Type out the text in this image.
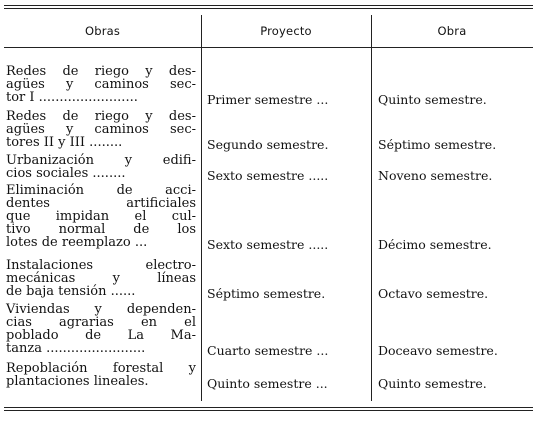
Obras	Proyecto	Obra
Redes de riego y des-
agües y caminos sec-
tor I ........................	Primer semestre ...	Quinto semestre.
Redes de riego y des-
agües y caminos sec-
tores II y III ........	Segundo semestre.	Séptimo semestre.
Urbanización y edifi-
cios sociales ........	Sexto semestre .....	Noveno semestre.
Eliminación de acci-
dentes artificiales
que impidan el cul-
tivo normal de los
lotes de reemplazo ...	Sexto semestre .....	Décimo semestre.
Instalaciones electro-
mecánicas y líneas
de baja tensión ......	Séptimo semestre.	Octavo semestre.
Viviendas y dependen-
cias agrarias en el
poblado de La Ma-
tanza ........................	Cuarto semestre ...	Doceavo semestre.
Repoblación forestal y
plantaciones lineales.	Quinto semestre ...	Quinto semestre.
